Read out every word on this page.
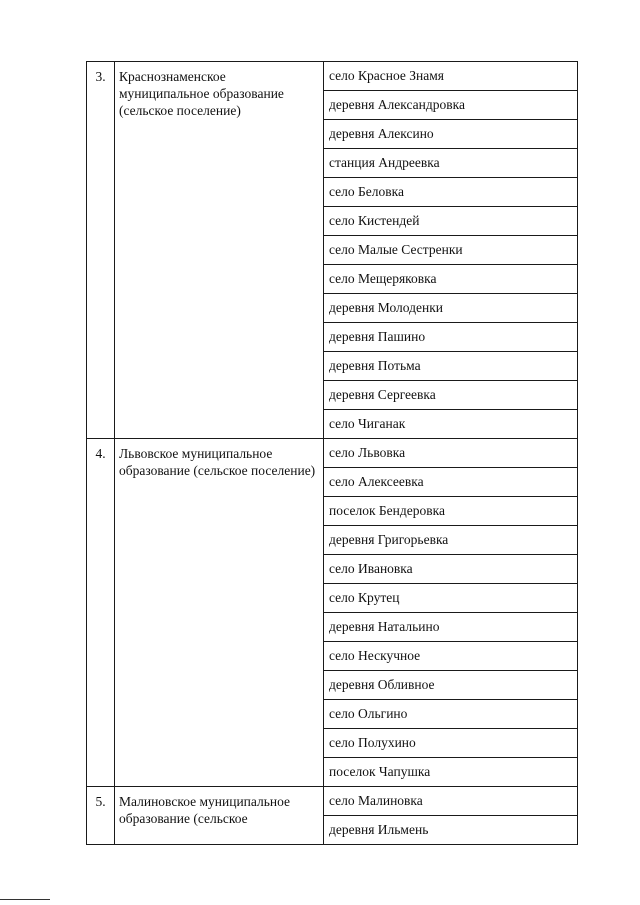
3.	Краснознаменское муниципальное образование (сельское поселение)	село Красное Знамя
		деревня Александровка
		деревня Алексино
		станция Андреевка
		село Беловка
		село Кистендей
		село Малые Сестренки
		село Мещеряковка
		деревня Молоденки
		деревня Пашино
		деревня Потьма
		деревня Сергеевка
		село Чиганак
4.	Львовское муниципальное образование (сельское поселение)	село Львовка
		село Алексеевка
		поселок Бендеровка
		деревня Григорьевка
		село Ивановка
		село Крутец
		деревня Натальино
		село Нескучное
		деревня Обливное
		село Ольгино
		село Полухино
		поселок Чапушка
5.	Малиновское муниципальное образование (сельское	село Малиновка
		деревня Ильмень
